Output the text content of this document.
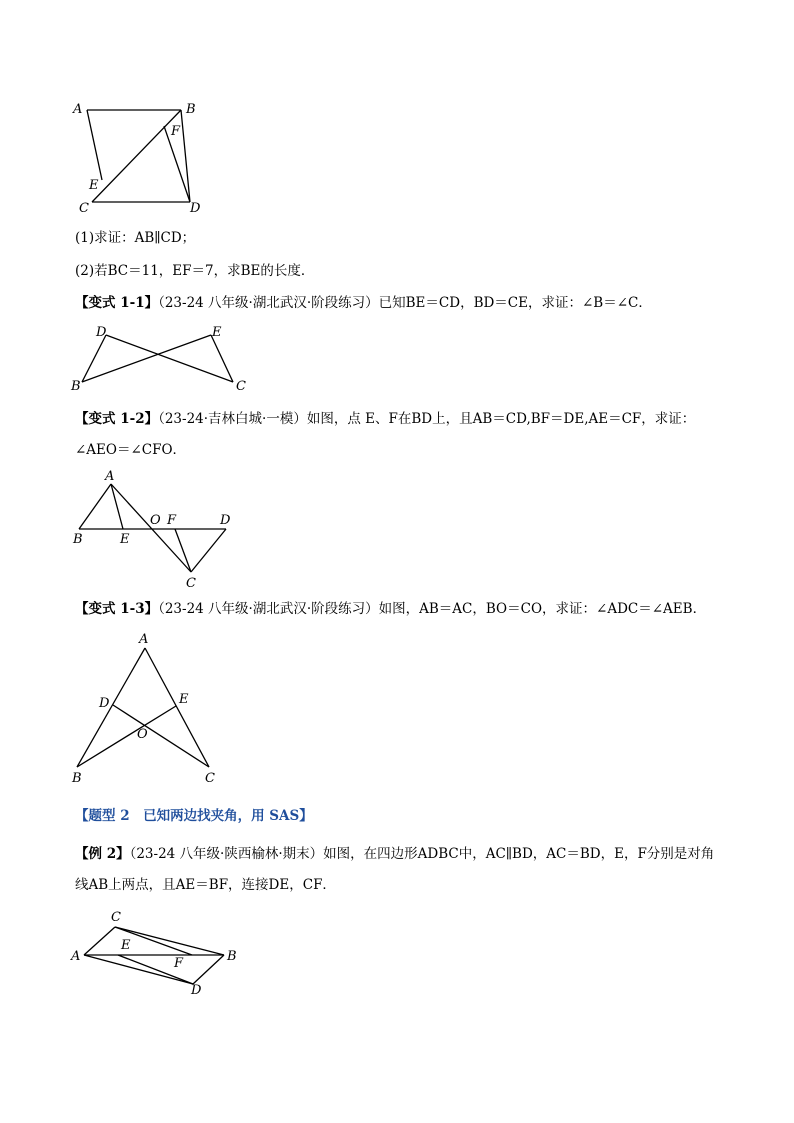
A	B
F
E
C	D
D	E
B	C
A
O F	D
B	E
C
A
D	E
O
B	C
C
E
A	B
F
D
(1)求证：AB∥CD；
(2)若BC＝11，EF＝7，求BE的长度．
【变式 1-1】（23-24 八年级·湖北武汉·阶段练习）已知BE＝CD，BD＝CE，求证：∠B＝∠C．
【变式 1-2】（23-24·吉林白城·一模）如图，点 E、F在BD上，且AB＝CD,BF＝DE,AE＝CF，求证：
∠AEO＝∠CFO．
【变式 1-3】（23-24 八年级·湖北武汉·阶段练习）如图，AB＝AC，BO＝CO，求证：∠ADC＝∠AEB．
【题型 2　已知两边找夹角，用 SAS】
【例 2】（23-24 八年级·陕西榆林·期末）如图，在四边形ADBC中，AC∥BD，AC＝BD，E，F分别是对角
线AB上两点，且AE＝BF，连接DE，CF．
